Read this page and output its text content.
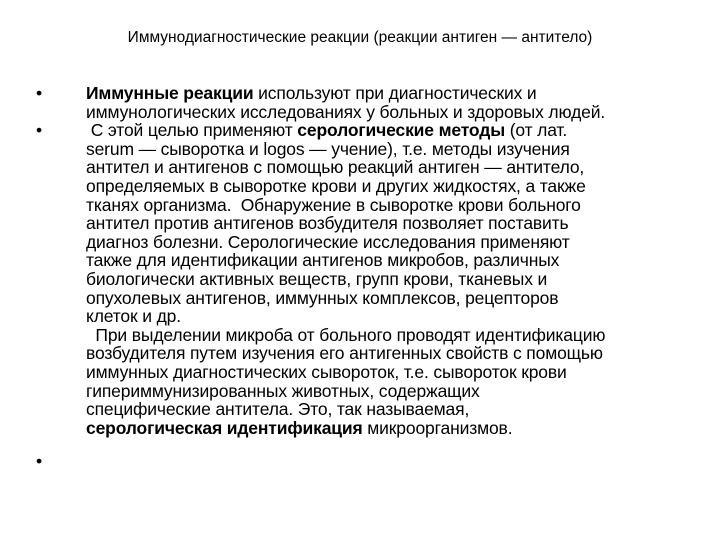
Иммунодиагностические реакции (реакции антиген — антитело)
•	Иммунные реакции используют при диагностических и
иммунологических исследованиях у больных и здоровых людей.
•	С этой целью применяют серологические методы (от лат.
serum — сыворотка и logos — учение), т.е. методы изучения
антител и антигенов с помощью реакций антиген — антитело,
определяемых в сыворотке крови и других жидкостях, а также
тканях организма.  Обнаружение в сыворотке крови больного
антител против антигенов возбудителя позволяет поставить
диагноз болезни. Серологические исследования применяют
также для идентификации антигенов микробов, различных
биологически активных веществ, групп крови, тканевых и
опухолевых антигенов, иммунных комплексов, рецепторов
клеток и др.
При выделении микроба от больного проводят идентификацию
возбудителя путем изучения его антигенных свойств с помощью
иммунных диагностических сывороток, т.е. сывороток крови
гипериммунизированных животных, содержащих
специфические антитела. Это, так называемая,
серологическая идентификация микроорганизмов.
•
